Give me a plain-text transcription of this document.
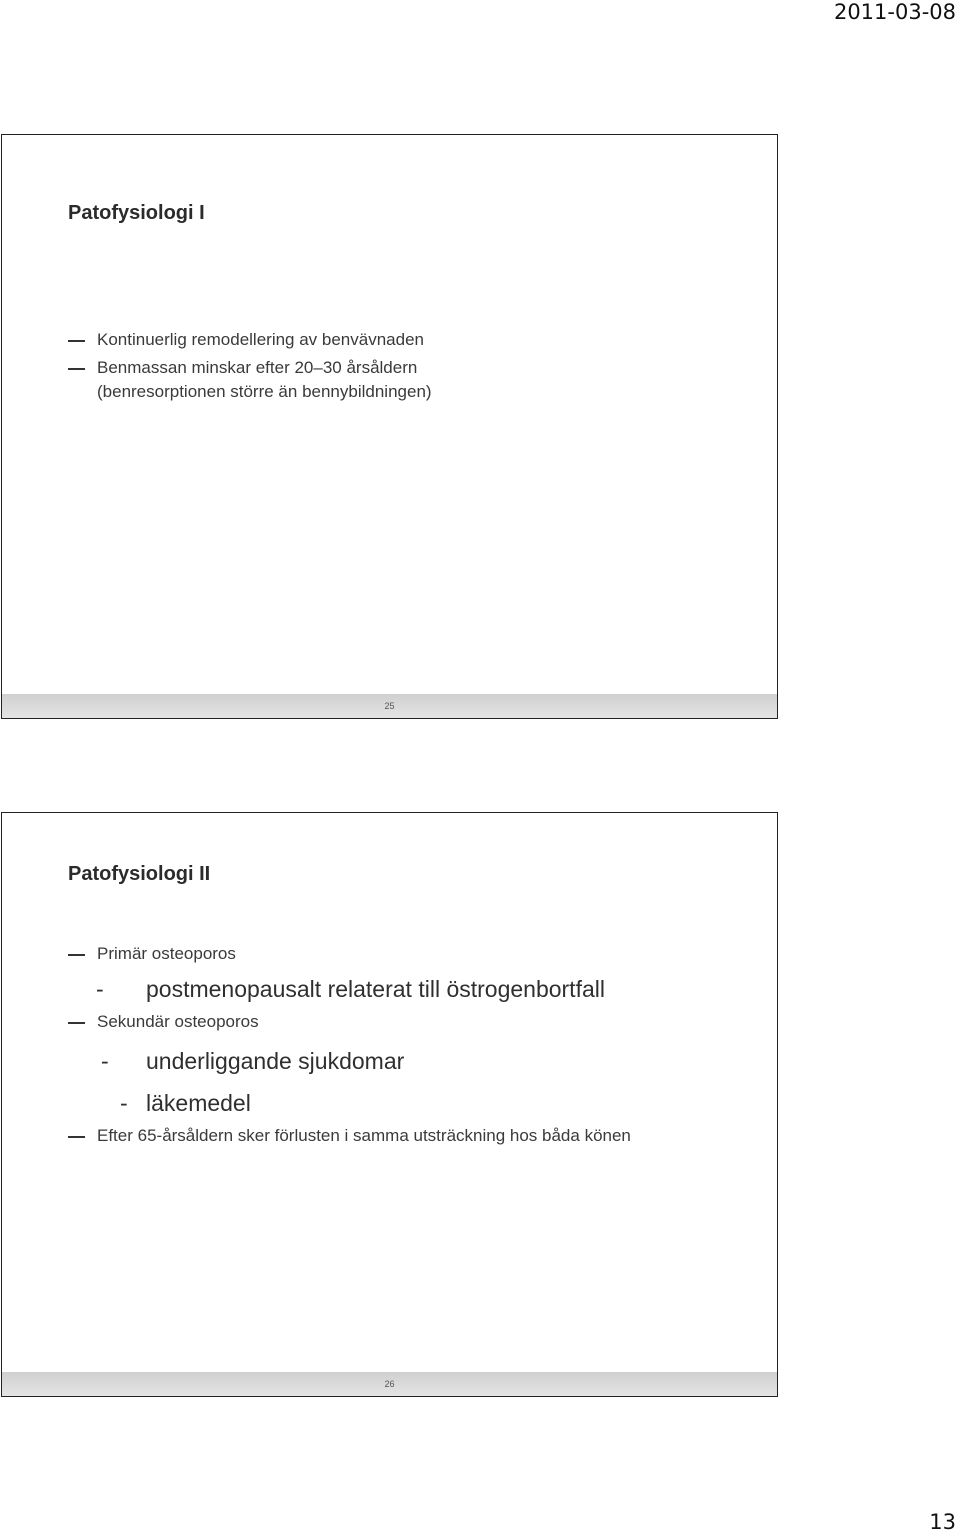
2011-03-08
Patofysiologi I
Kontinuerlig remodellering av benvävnaden
Benmassan minskar efter 20–30 årsåldern
(benresorptionen större än bennybildningen)
25
Patofysiologi II
Primär osteoporos
- postmenopausalt relaterat till östrogenbortfall
Sekundär osteoporos
- underliggande sjukdomar
- läkemedel
Efter 65-årsåldern sker förlusten i samma utsträckning hos båda könen
26
13
